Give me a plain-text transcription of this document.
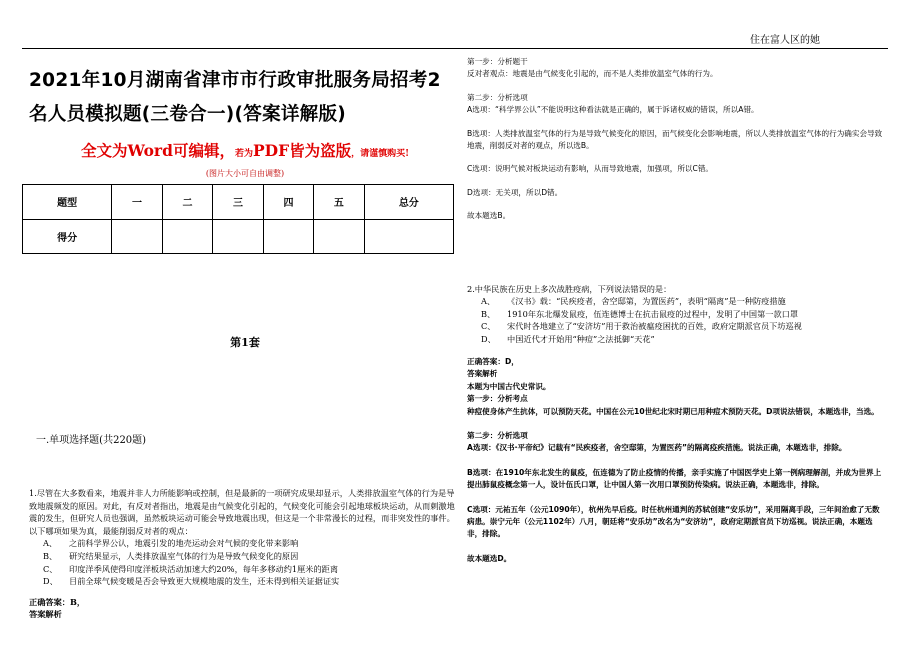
住在富人区的她
2021年10月湖南省津市市行政审批服务局招考2名人员模拟题(三卷合一)(答案详解版)
全文为Word可编辑，若为PDF皆为盗版，请谨慎购买!
(图片大小可自由调整)
题型	一	二	三	四	五	总分
得分						
第1套
一.单项选择题(共220题)
1.尽管在大多数看来，地震并非人力所能影响或控制，但是最新的一项研究成果却显示，人类排放温室气体的行为是导致地震频发的原因。对此，有反对者指出，地震是由气候变化引起的，气候变化可能会引起地球板块运动，从而刺激地震的发生，但研究人员也强调，虽然板块运动可能会导致地震出现，但这是一个非常漫长的过程，而非突发性的事件。以下哪项如果为真，最能削弱反对者的观点：
A、 之前科学界公认，地震引发的地壳运动会对气候的变化带来影响
B、 研究结果显示，人类排放温室气体的行为是导致气候变化的原因
C、 印度洋季风使得印度洋板块活动加速大约20%，每年多移动约1厘米的距离
D、 目前全球气候变暖是否会导致更大规模地震的发生，还未得到相关证据证实
正确答案：B，
答案解析
第一步：分析题干
反对者观点：地震是由气候变化引起的，而不是人类排放温室气体的行为。
第二步：分析选项
A选项：“科学界公认”不能说明这种看法就是正确的，属于诉诸权威的错误，所以A错。
B选项：人类排放温室气体的行为是导致气候变化的原因，而气候变化会影响地震，所以人类排放温室气体的行为确实会导致地震，削弱反对者的观点，所以选B。
C选项：说明气候对板块运动有影响，从而导致地震，加强项，所以C错。
D选项：无关项，所以D错。
故本题选B。
2.中华民族在历史上多次战胜疫病，下列说法错误的是：
A、 《汉书》载：“民疾疫者，舍空邸第，为置医药”，表明“隔离”是一种防疫措施
B、 1910年东北爆发鼠疫，伍连德博士在抗击鼠疫的过程中，发明了中国第一款口罩
C、 宋代时各地建立了“安济坊”用于救治被瘟疫困扰的百姓，政府定期派官员下坊巡视
D、 中国近代才开始用“种痘”之法抵御“天花”
正确答案：D，
答案解析
本题为中国古代史常识。
第一步：分析考点
种痘使身体产生抗体，可以预防天花。中国在公元10世纪北宋时期已用种痘术预防天花。D项说法错误，本题选非，当选。
第二步：分析选项
A选项：《汉书·平帝纪》记载有“民疾疫者，舍空邸第，为置医药”的隔离疫疾措施。说法正确，本题选非，排除。
B选项：在1910年东北发生的鼠疫，伍连德为了防止疫情的传播，亲手实施了中国医学史上第一例病理解剖，并成为世界上提出肺鼠疫概念第一人，设计伍氏口罩，让中国人第一次用口罩预防传染病。说法正确，本题选非，排除。
C选项：元祐五年（公元1090年），杭州先早后疫。时任杭州通判的苏轼创建“安乐坊”，采用隔离手段，三年间治愈了无数病患。崇宁元年（公元1102年）八月，朝廷将“安乐坊”改名为“安济坊”，政府定期派官员下坊巡视。说法正确，本题选非，排除。
故本题选D。
